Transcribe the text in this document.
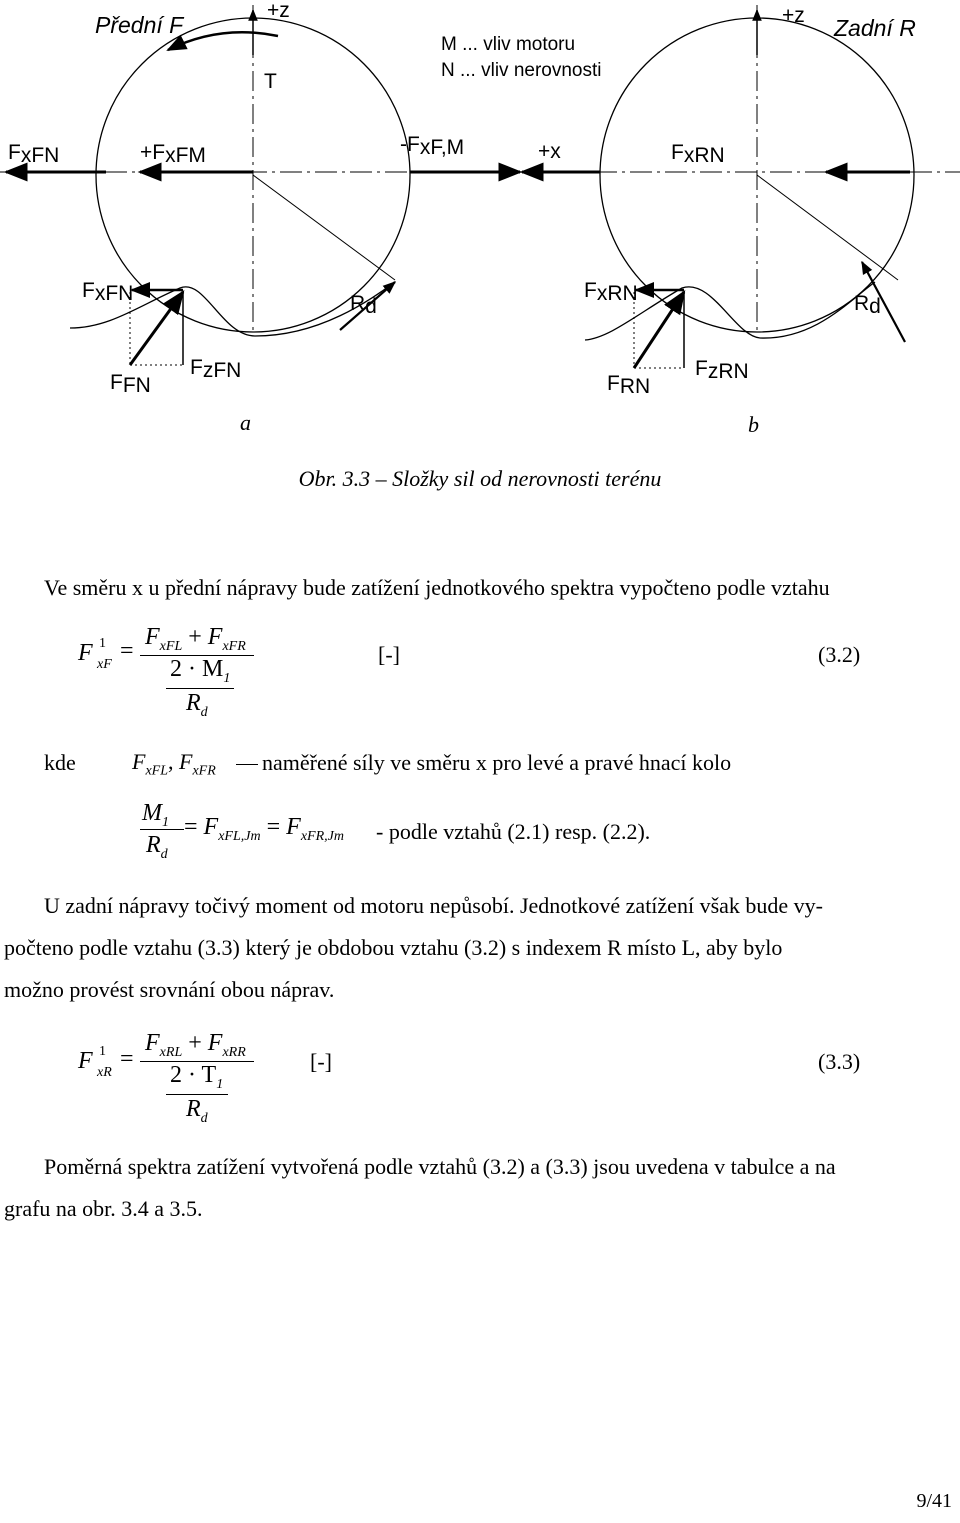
Přední F	Zadní R
+z	+z
T
M ... vliv motoru
N ... vliv nerovnosti
+x
FxFN	+FxFM	-FxF,M	FxRN
FxFN	Rd
FxRN	Rd
FFN
FzFN
FRN
FzRN
a	b
Obr. 3.3 – Složky sil od nerovnosti terénu
Ve směru x u přední nápravy bude zatížení jednotkového spektra vypočteno podle vztahu
F 1
xF
=
$F_{xFL} + F_{xFR}$
$2 \cdot M_1$
$R_d$
[-]	(3.2)
kde	$F_{xFL}$, $F_{xFR}$ naměřené síly ve směru x pro levé a pravé hnací kolo
$M_1$
$R_d$
= $F_{xFL,Jm} = F_{xFR,Jm}$ - podle vztahů (2.1) resp. (2.2).
U zadní nápravy točivý moment od motoru nepůsobí. Jednotkové zatížení však bude vy-
počteno podle vztahu (3.3) který je obdobou vztahu (3.2) s indexem R místo L, aby bylo
možno provést srovnání obou náprav.
F 1
xR
=
$F_{xRL} + F_{xRR}$
$2 \cdot T_1$
$R_d$
[-]	(3.3)
Poměrná spektra zatížení vytvořená podle vztahů (3.2) a (3.3) jsou uvedena v tabulce a na
grafu na obr. 3.4 a 3.5.
9/41
